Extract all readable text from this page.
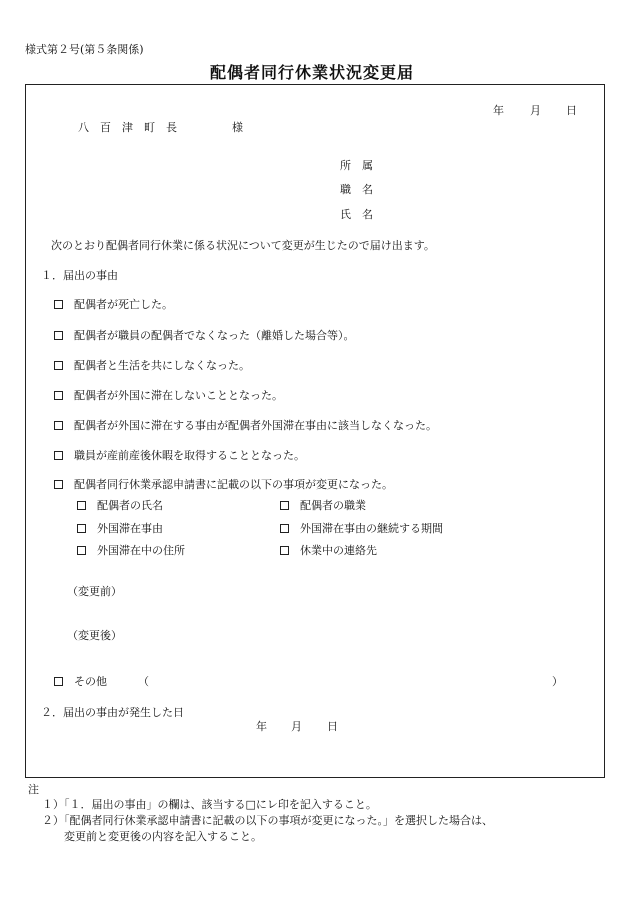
様式第２号(第５条関係)
配偶者同行休業状況変更届
年 月 日
八　百　津　町　長	様
所　属
職　名
氏　名
次のとおり配偶者同行休業に係る状況について変更が生じたので届け出ます。
１．届出の事由
配偶者が死亡した。
配偶者が職員の配偶者でなくなった（離婚した場合等）。
配偶者と生活を共にしなくなった。
配偶者が外国に滞在しないこととなった。
配偶者が外国に滞在する事由が配偶者外国滞在事由に該当しなくなった。
職員が産前産後休暇を取得することとなった。
配偶者同行休業承認申請書に記載の以下の事項が変更になった。
配偶者の氏名	配偶者の職業
外国滞在事由	外国滞在事由の継続する期間
外国滞在中の住所	休業中の連絡先
（変更前）
（変更後）
その他	（	）
２．届出の事由が発生した日
年 月 日
注
１）「１．届出の事由」の欄は、該当する□にレ印を記入すること。
２）「配偶者同行休業承認申請書に記載の以下の事項が変更になった。」を選択した場合は、
変更前と変更後の内容を記入すること。
